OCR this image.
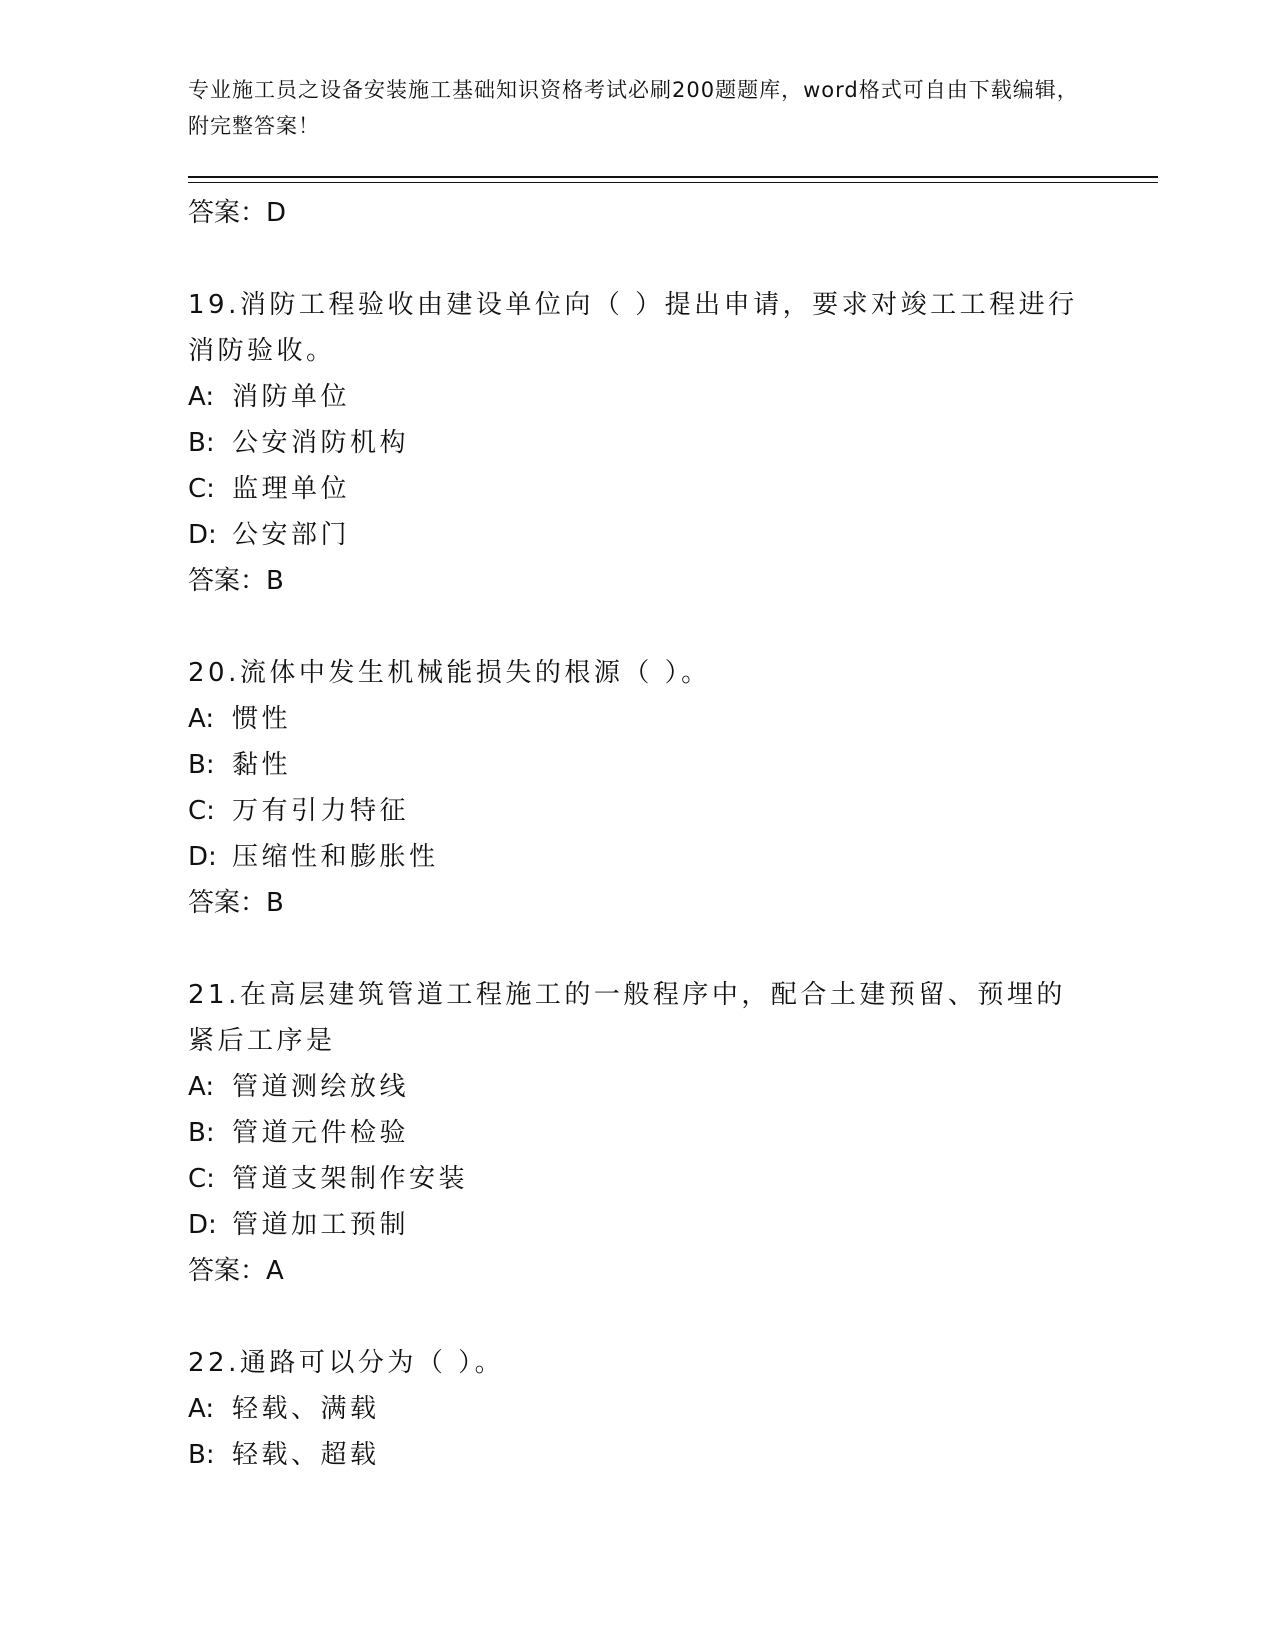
专业施工员之设备安装施工基础知识资格考试必刷200题题库，word格式可自由下载编辑，附完整答案！

答案：D

19.消防工程验收由建设单位向（ ）提出申请，要求对竣工工程进行消防验收。

A: 消防单位

B: 公安消防机构

C: 监理单位

D: 公安部门

答案：B

20.流体中发生机械能损失的根源（ ）。

A: 惯性

B: 黏性

C: 万有引力特征

D: 压缩性和膨胀性

答案：B

21.在高层建筑管道工程施工的一般程序中，配合土建预留、预埋的紧后工序是

A: 管道测绘放线

B: 管道元件检验

C: 管道支架制作安装

D: 管道加工预制

答案：A

22.通路可以分为（ ）。

A: 轻载、满载

B: 轻载、超载
